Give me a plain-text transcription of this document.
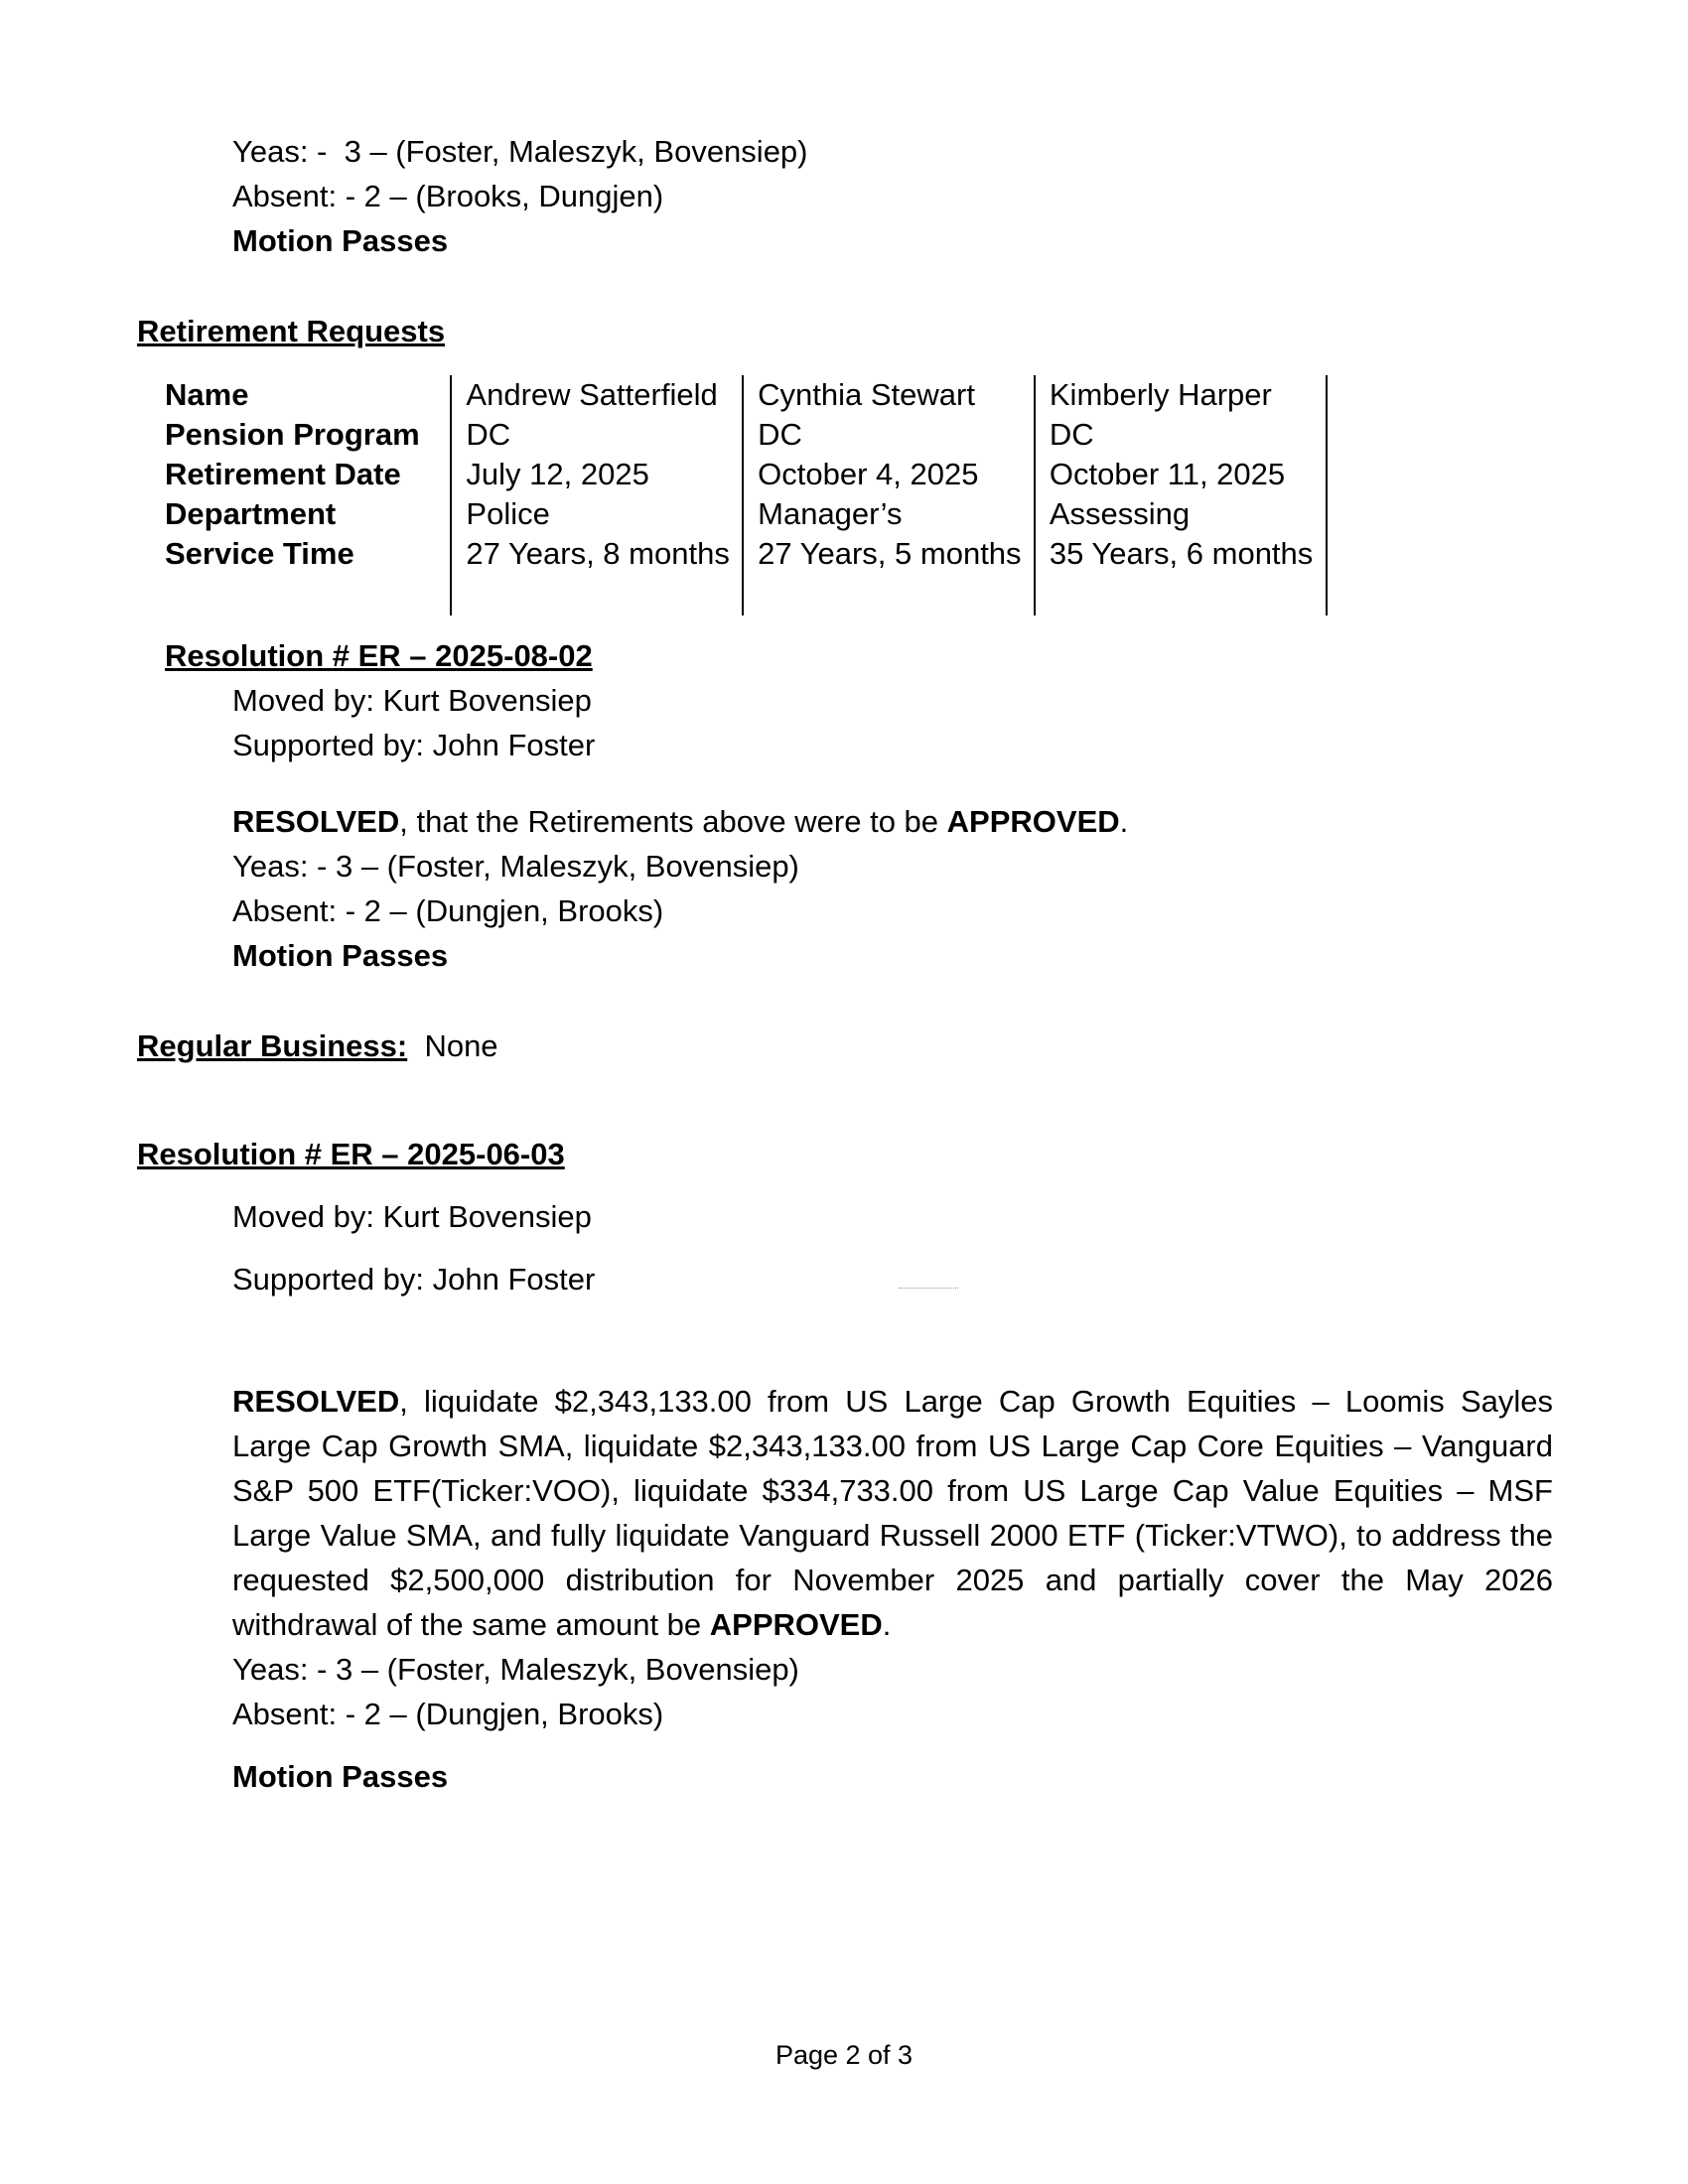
Yeas: -  3 – (Foster, Maleszyk, Bovensiep)
Absent: - 2 – (Brooks, Dungjen)
Motion Passes
Retirement Requests
Name	Andrew Satterfield	Cynthia Stewart	Kimberly Harper	
Pension Program	DC	DC	DC	
Retirement Date	July 12, 2025	October 4, 2025	October 11, 2025	
Department	Police	Manager’s	Assessing	
Service Time	27 Years, 8 months	27 Years, 5 months	35 Years, 6 months	

Resolution # ER – 2025-08-02
Moved by: Kurt Bovensiep
Supported by: John Foster
RESOLVED, that the Retirements above were to be APPROVED.
Yeas: - 3 – (Foster, Maleszyk, Bovensiep)
Absent: - 2 – (Dungjen, Brooks)
Motion Passes
Regular Business: None
Resolution # ER – 2025-06-03
Moved by: Kurt Bovensiep
Supported by: John Foster
RESOLVED, liquidate $2,343,133.00 from US Large Cap Growth Equities – Loomis Sayles Large Cap Growth SMA, liquidate $2,343,133.00 from US Large Cap Core Equities – Vanguard S&P 500 ETF(Ticker:VOO), liquidate $334,733.00 from US Large Cap Value Equities – MSF Large Value SMA, and fully liquidate Vanguard Russell 2000 ETF (Ticker:VTWO), to address the requested $2,500,000 distribution for November 2025 and partially cover the May 2026 withdrawal of the same amount be APPROVED.
Yeas: - 3 – (Foster, Maleszyk, Bovensiep)
Absent: - 2 – (Dungjen, Brooks)
Motion Passes
Page 2 of 3
